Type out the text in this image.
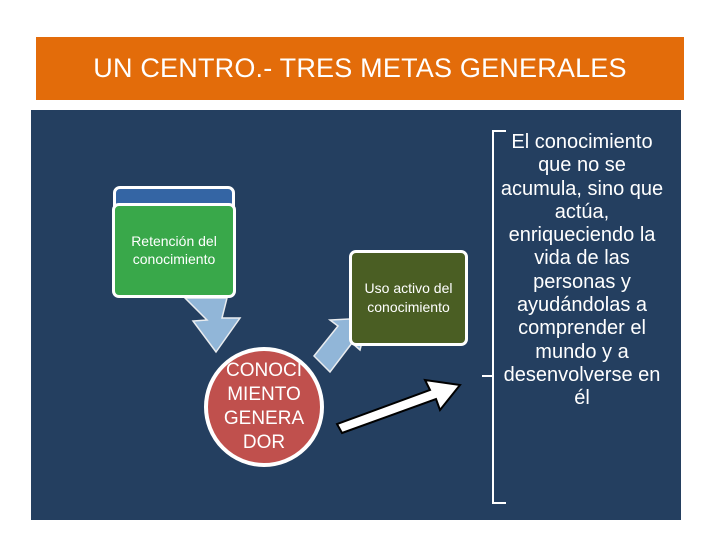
UN CENTRO.- TRES METAS GENERALES
Retención del conocimiento
Uso activo del conocimiento
CONOCIMIENTO GENERADOR
El conocimiento que no se acumula, sino que actúa, enriqueciendo la vida de las personas y ayudándolas a comprender el mundo y a desenvolverse en él
